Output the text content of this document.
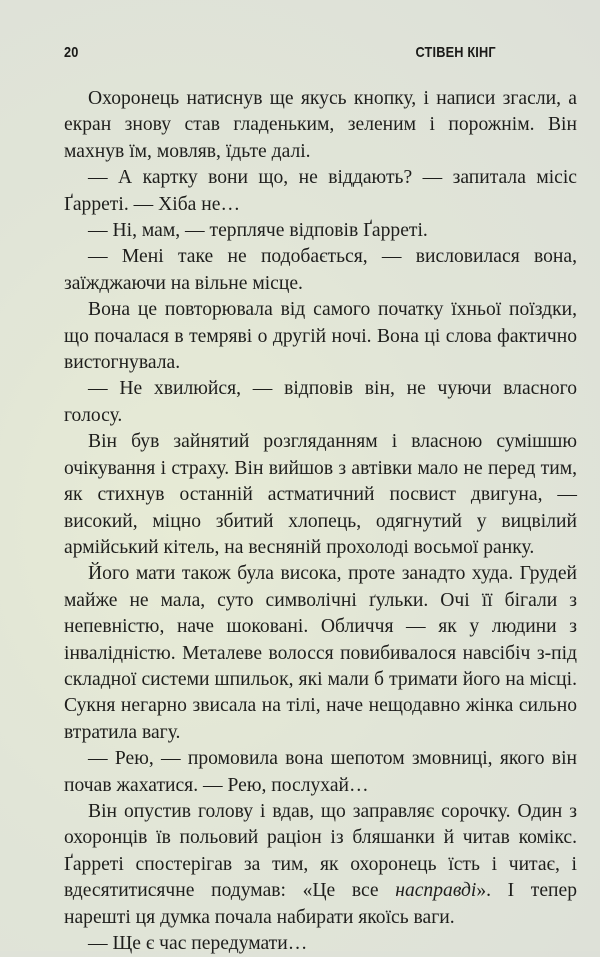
20	СТІВЕН КІНГ

Охоронець натиснув ще якусь кнопку, і написи згасли, а екран знову став гладеньким, зеленим і порожнім. Він махнув їм, мовляв, їдьте далі.

— А картку вони що, не віддають? — запитала місіс Ґарреті. — Хіба не…

— Ні, мам, — терпляче відповів Ґарреті.

— Мені таке не подобається, — висловилася вона, заїжджаючи на вільне місце.

Вона це повторювала від самого початку їхньої поїздки, що почалася в темряві о другій ночі. Вона ці слова фактично вистогнувала.

— Не хвилюйся, — відповів він, не чуючи власного голосу.

Він був зайнятий розгляданням і власною сумішшю очікування і страху. Він вийшов з автівки мало не перед тим, як стихнув останній астматичний посвист двигуна, — високий, міцно збитий хлопець, одягнутий у вицвілий армійський кітель, на весняній прохолоді восьмої ранку.

Його мати також була висока, проте занадто худа. Грудей майже не мала, суто символічні ґульки. Очі її бігали з непевністю, наче шоковані. Обличчя — як у людини з інвалідністю. Металеве волосся повибивалося навсібіч з-під складної системи шпильок, які мали б тримати його на місці. Сукня негарно звисала на тілі, наче нещодавно жінка сильно втратила вагу.

— Рею, — промовила вона шепотом змовниці, якого він почав жахатися. — Рею, послухай…

Він опустив голову і вдав, що заправляє сорочку. Один з охоронців їв польовий раціон із бляшанки й читав комікс. Ґарреті спостерігав за тим, як охоронець їсть і читає, і вдесятитисячне подумав: «Це все насправді». І тепер нарешті ця думка почала набирати якоїсь ваги.

— Ще є час передумати…
